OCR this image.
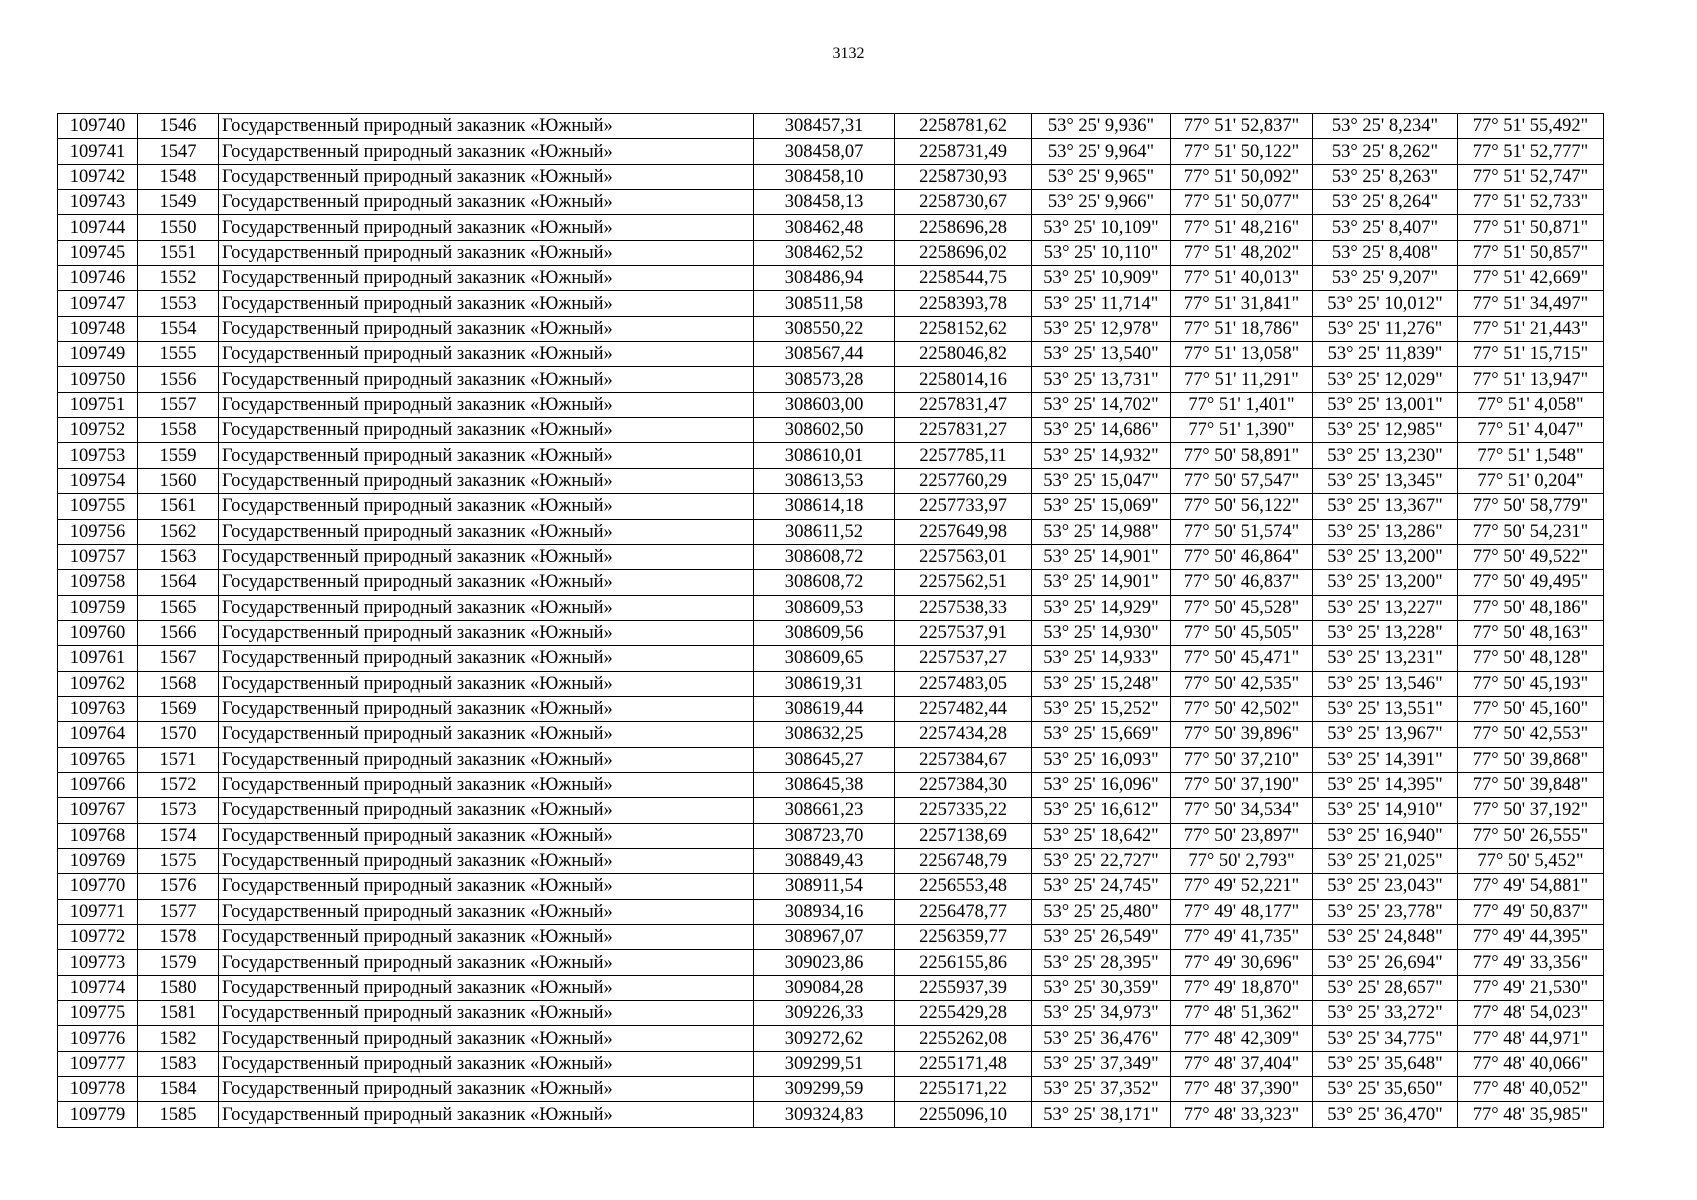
3132
109740	1546	Государственный природный заказник «Южный»	308457,31	2258781,62	53° 25' 9,936"	77° 51' 52,837"	53° 25' 8,234"	77° 51' 55,492"
109741	1547	Государственный природный заказник «Южный»	308458,07	2258731,49	53° 25' 9,964"	77° 51' 50,122"	53° 25' 8,262"	77° 51' 52,777"
109742	1548	Государственный природный заказник «Южный»	308458,10	2258730,93	53° 25' 9,965"	77° 51' 50,092"	53° 25' 8,263"	77° 51' 52,747"
109743	1549	Государственный природный заказник «Южный»	308458,13	2258730,67	53° 25' 9,966"	77° 51' 50,077"	53° 25' 8,264"	77° 51' 52,733"
109744	1550	Государственный природный заказник «Южный»	308462,48	2258696,28	53° 25' 10,109"	77° 51' 48,216"	53° 25' 8,407"	77° 51' 50,871"
109745	1551	Государственный природный заказник «Южный»	308462,52	2258696,02	53° 25' 10,110"	77° 51' 48,202"	53° 25' 8,408"	77° 51' 50,857"
109746	1552	Государственный природный заказник «Южный»	308486,94	2258544,75	53° 25' 10,909"	77° 51' 40,013"	53° 25' 9,207"	77° 51' 42,669"
109747	1553	Государственный природный заказник «Южный»	308511,58	2258393,78	53° 25' 11,714"	77° 51' 31,841"	53° 25' 10,012"	77° 51' 34,497"
109748	1554	Государственный природный заказник «Южный»	308550,22	2258152,62	53° 25' 12,978"	77° 51' 18,786"	53° 25' 11,276"	77° 51' 21,443"
109749	1555	Государственный природный заказник «Южный»	308567,44	2258046,82	53° 25' 13,540"	77° 51' 13,058"	53° 25' 11,839"	77° 51' 15,715"
109750	1556	Государственный природный заказник «Южный»	308573,28	2258014,16	53° 25' 13,731"	77° 51' 11,291"	53° 25' 12,029"	77° 51' 13,947"
109751	1557	Государственный природный заказник «Южный»	308603,00	2257831,47	53° 25' 14,702"	77° 51' 1,401"	53° 25' 13,001"	77° 51' 4,058"
109752	1558	Государственный природный заказник «Южный»	308602,50	2257831,27	53° 25' 14,686"	77° 51' 1,390"	53° 25' 12,985"	77° 51' 4,047"
109753	1559	Государственный природный заказник «Южный»	308610,01	2257785,11	53° 25' 14,932"	77° 50' 58,891"	53° 25' 13,230"	77° 51' 1,548"
109754	1560	Государственный природный заказник «Южный»	308613,53	2257760,29	53° 25' 15,047"	77° 50' 57,547"	53° 25' 13,345"	77° 51' 0,204"
109755	1561	Государственный природный заказник «Южный»	308614,18	2257733,97	53° 25' 15,069"	77° 50' 56,122"	53° 25' 13,367"	77° 50' 58,779"
109756	1562	Государственный природный заказник «Южный»	308611,52	2257649,98	53° 25' 14,988"	77° 50' 51,574"	53° 25' 13,286"	77° 50' 54,231"
109757	1563	Государственный природный заказник «Южный»	308608,72	2257563,01	53° 25' 14,901"	77° 50' 46,864"	53° 25' 13,200"	77° 50' 49,522"
109758	1564	Государственный природный заказник «Южный»	308608,72	2257562,51	53° 25' 14,901"	77° 50' 46,837"	53° 25' 13,200"	77° 50' 49,495"
109759	1565	Государственный природный заказник «Южный»	308609,53	2257538,33	53° 25' 14,929"	77° 50' 45,528"	53° 25' 13,227"	77° 50' 48,186"
109760	1566	Государственный природный заказник «Южный»	308609,56	2257537,91	53° 25' 14,930"	77° 50' 45,505"	53° 25' 13,228"	77° 50' 48,163"
109761	1567	Государственный природный заказник «Южный»	308609,65	2257537,27	53° 25' 14,933"	77° 50' 45,471"	53° 25' 13,231"	77° 50' 48,128"
109762	1568	Государственный природный заказник «Южный»	308619,31	2257483,05	53° 25' 15,248"	77° 50' 42,535"	53° 25' 13,546"	77° 50' 45,193"
109763	1569	Государственный природный заказник «Южный»	308619,44	2257482,44	53° 25' 15,252"	77° 50' 42,502"	53° 25' 13,551"	77° 50' 45,160"
109764	1570	Государственный природный заказник «Южный»	308632,25	2257434,28	53° 25' 15,669"	77° 50' 39,896"	53° 25' 13,967"	77° 50' 42,553"
109765	1571	Государственный природный заказник «Южный»	308645,27	2257384,67	53° 25' 16,093"	77° 50' 37,210"	53° 25' 14,391"	77° 50' 39,868"
109766	1572	Государственный природный заказник «Южный»	308645,38	2257384,30	53° 25' 16,096"	77° 50' 37,190"	53° 25' 14,395"	77° 50' 39,848"
109767	1573	Государственный природный заказник «Южный»	308661,23	2257335,22	53° 25' 16,612"	77° 50' 34,534"	53° 25' 14,910"	77° 50' 37,192"
109768	1574	Государственный природный заказник «Южный»	308723,70	2257138,69	53° 25' 18,642"	77° 50' 23,897"	53° 25' 16,940"	77° 50' 26,555"
109769	1575	Государственный природный заказник «Южный»	308849,43	2256748,79	53° 25' 22,727"	77° 50' 2,793"	53° 25' 21,025"	77° 50' 5,452"
109770	1576	Государственный природный заказник «Южный»	308911,54	2256553,48	53° 25' 24,745"	77° 49' 52,221"	53° 25' 23,043"	77° 49' 54,881"
109771	1577	Государственный природный заказник «Южный»	308934,16	2256478,77	53° 25' 25,480"	77° 49' 48,177"	53° 25' 23,778"	77° 49' 50,837"
109772	1578	Государственный природный заказник «Южный»	308967,07	2256359,77	53° 25' 26,549"	77° 49' 41,735"	53° 25' 24,848"	77° 49' 44,395"
109773	1579	Государственный природный заказник «Южный»	309023,86	2256155,86	53° 25' 28,395"	77° 49' 30,696"	53° 25' 26,694"	77° 49' 33,356"
109774	1580	Государственный природный заказник «Южный»	309084,28	2255937,39	53° 25' 30,359"	77° 49' 18,870"	53° 25' 28,657"	77° 49' 21,530"
109775	1581	Государственный природный заказник «Южный»	309226,33	2255429,28	53° 25' 34,973"	77° 48' 51,362"	53° 25' 33,272"	77° 48' 54,023"
109776	1582	Государственный природный заказник «Южный»	309272,62	2255262,08	53° 25' 36,476"	77° 48' 42,309"	53° 25' 34,775"	77° 48' 44,971"
109777	1583	Государственный природный заказник «Южный»	309299,51	2255171,48	53° 25' 37,349"	77° 48' 37,404"	53° 25' 35,648"	77° 48' 40,066"
109778	1584	Государственный природный заказник «Южный»	309299,59	2255171,22	53° 25' 37,352"	77° 48' 37,390"	53° 25' 35,650"	77° 48' 40,052"
109779	1585	Государственный природный заказник «Южный»	309324,83	2255096,10	53° 25' 38,171"	77° 48' 33,323"	53° 25' 36,470"	77° 48' 35,985"
